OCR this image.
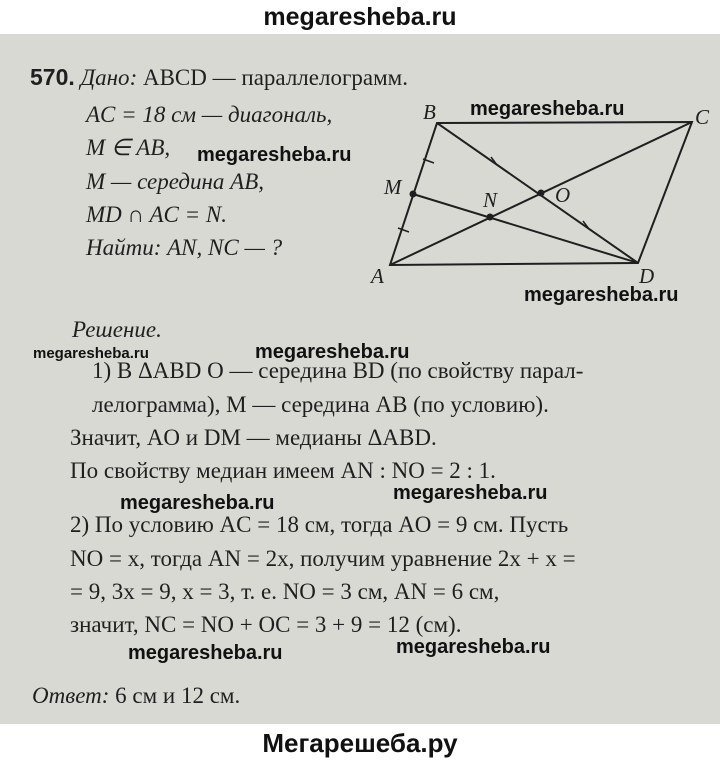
megaresheba.ru
570. Дано: ABCD — параллелограмм.
AC = 18 см — диагональ,
M ∈ AB,
M — середина AB,
MD ∩ AC = N.
Найти: AN, NC — ?
B	C
M
N	O
A	D
Решение.
1) В ΔABD O — середина BD (по свойству парал-
лелограмма), M — середина AB (по условию).
Значит, AO и DM — медианы ΔABD.
По свойству медиан имеем AN : NO = 2 : 1.
2) По условию AC = 18 см, тогда AO = 9 см. Пусть
NO = x, тогда AN = 2x, получим уравнение 2x + x =
= 9, 3x = 9, x = 3, т. е. NO = 3 см, AN = 6 см,
значит, NC = NO + OC = 3 + 9 = 12 (см).
Ответ: 6 см и 12 см.
megaresheba.ru
megaresheba.ru
megaresheba.ru
megaresheba.ru	megaresheba.ru
megaresheba.ru
megaresheba.ru
megaresheba.ru
megaresheba.ru
Мегарешеба.ру
